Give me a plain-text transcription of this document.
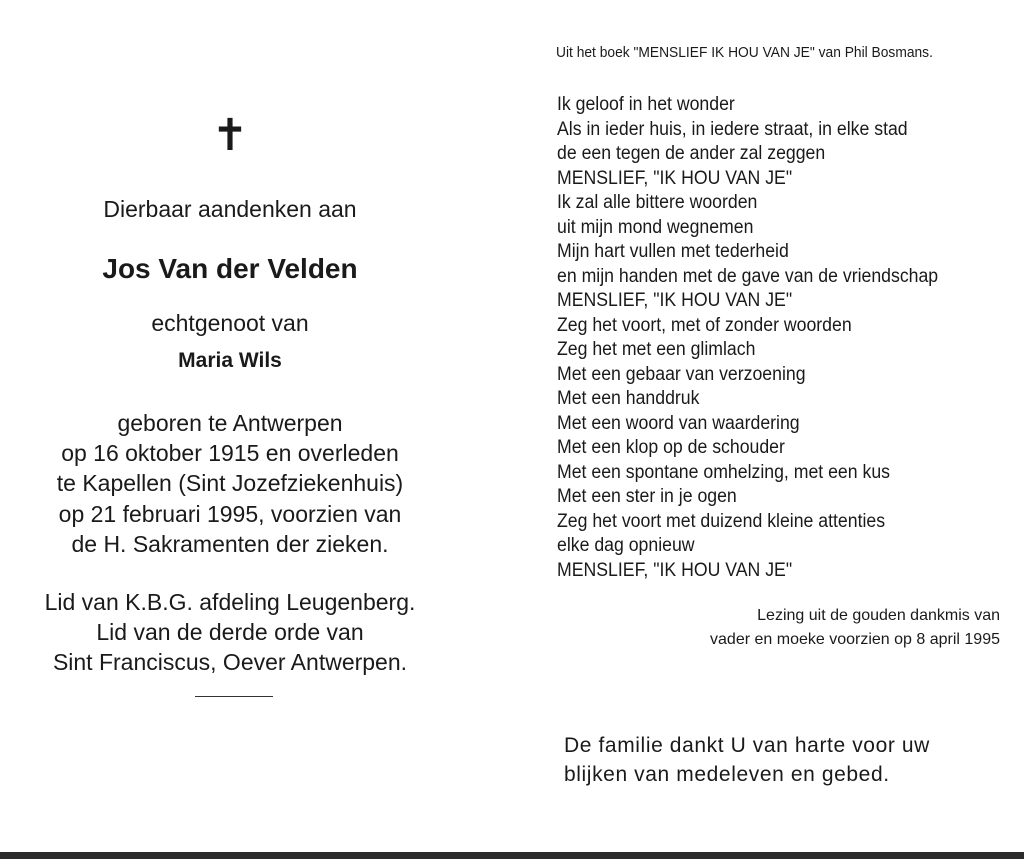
✝
Dierbaar aandenken aan
Jos Van der Velden
echtgenoot van
Maria Wils
geboren te Antwerpen
op 16 oktober 1915 en overleden
te Kapellen (Sint Jozefziekenhuis)
op 21 februari 1995, voorzien van
de H. Sakramenten der zieken.
Lid van K.B.G. afdeling Leugenberg.
Lid van de derde orde van
Sint Franciscus, Oever Antwerpen.
Uit het boek "MENSLIEF IK HOU VAN JE" van Phil Bosmans.
Ik geloof in het wonder
Als in ieder huis, in iedere straat, in elke stad
de een tegen de ander zal zeggen
MENSLIEF, "IK HOU VAN JE"
Ik zal alle bittere woorden
uit mijn mond wegnemen
Mijn hart vullen met tederheid
en mijn handen met de gave van de vriendschap
MENSLIEF, "IK HOU VAN JE"
Zeg het voort, met of zonder woorden
Zeg het met een glimlach
Met een gebaar van verzoening
Met een handdruk
Met een woord van waardering
Met een klop op de schouder
Met een spontane omhelzing, met een kus
Met een ster in je ogen
Zeg het voort met duizend kleine attenties
elke dag opnieuw
MENSLIEF, "IK HOU VAN JE"
Lezing uit de gouden dankmis van
vader en moeke voorzien op 8 april 1995
De familie dankt U van harte voor uw
blijken van medeleven en gebed.
